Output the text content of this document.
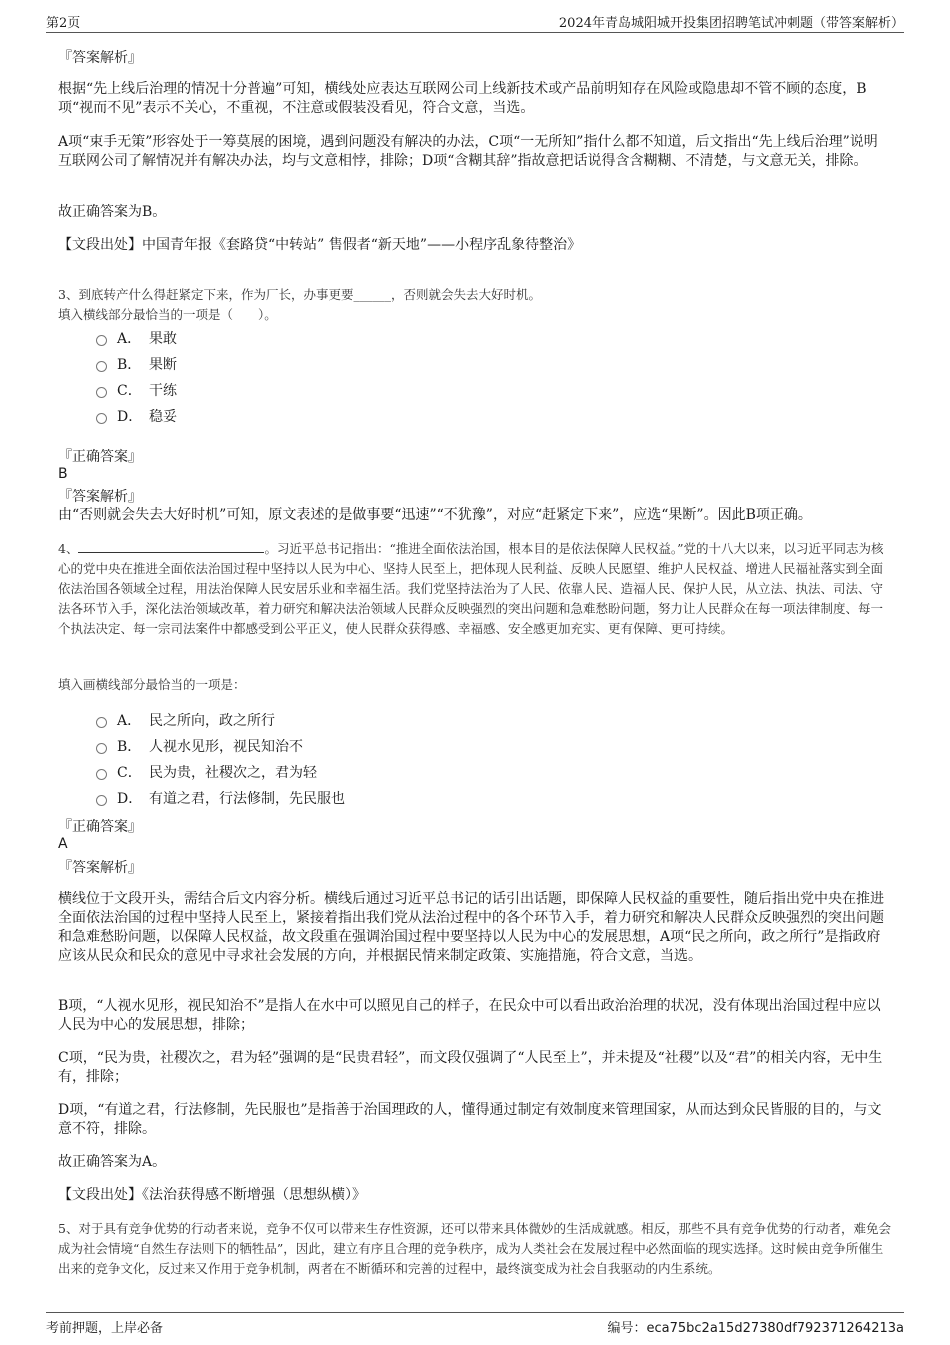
第2页	2024年青岛城阳城开投集团招聘笔试冲刺题（带答案解析）

『答案解析』

根据“先上线后治理的情况十分普遍”可知，横线处应表达互联网公司上线新技术或产品前明知存在风险或隐患却不管不顾的态度，B项“视而不见”表示不关心，不重视，不注意或假装没看见，符合文意，当选。

A项“束手无策”形容处于一筹莫展的困境，遇到问题没有解决的办法，C项“一无所知”指什么都不知道，后文指出“先上线后治理”说明互联网公司了解情况并有解决办法，均与文意相悖，排除；D项“含糊其辞”指故意把话说得含含糊糊、不清楚，与文意无关，排除。

故正确答案为B。

【文段出处】中国青年报《套路贷“中转站” 售假者“新天地”——小程序乱象待整治》

3、到底转产什么得赶紧定下来，作为厂长，办事更要______，否则就会失去大好时机。

填入横线部分最恰当的一项是（　　）。

A． 果敢
B． 果断
C． 干练
D． 稳妥

『正确答案』

B

『答案解析』

由“否则就会失去大好时机”可知，原文表述的是做事要“迅速”“不犹豫”，对应“赶紧定下来”，应选“果断”。因此B项正确。

4、	。习近平总书记指出：“推进全面依法治国，根本目的是依法保障人民权益。”党的十八大以来，以习近平同志为核心的党中央在推进全面依法治国过程中坚持以人民为中心、坚持人民至上，把体现人民利益、反映人民愿望、维护人民权益、增进人民福祉落实到全面依法治国各领域全过程，用法治保障人民安居乐业和幸福生活。我们党坚持法治为了人民、依靠人民、造福人民、保护人民，从立法、执法、司法、守法各环节入手，深化法治领域改革，着力研究和解决法治领域人民群众反映强烈的突出问题和急难愁盼问题，努力让人民群众在每一项法律制度、每一个执法决定、每一宗司法案件中都感受到公平正义，使人民群众获得感、幸福感、安全感更加充实、更有保障、更可持续。

填入画横线部分最恰当的一项是：

A． 民之所向，政之所行
B． 人视水见形，视民知治不
C． 民为贵，社稷次之，君为轻
D． 有道之君，行法修制，先民服也

『正确答案』

A

『答案解析』

横线位于文段开头，需结合后文内容分析。横线后通过习近平总书记的话引出话题，即保障人民权益的重要性，随后指出党中央在推进全面依法治国的过程中坚持人民至上，紧接着指出我们党从法治过程中的各个环节入手，着力研究和解决人民群众反映强烈的突出问题和急难愁盼问题，以保障人民权益，故文段重在强调治国过程中要坚持以人民为中心的发展思想，A项“民之所向，政之所行”是指政府应该从民众和民众的意见中寻求社会发展的方向，并根据民情来制定政策、实施措施，符合文意，当选。

B项，“人视水见形，视民知治不”是指人在水中可以照见自己的样子，在民众中可以看出政治治理的状况，没有体现出治国过程中应以人民为中心的发展思想，排除；

C项，“民为贵，社稷次之，君为轻”强调的是“民贵君轻”，而文段仅强调了“人民至上”，并未提及“社稷”以及“君”的相关内容，无中生有，排除；

D项，“有道之君，行法修制，先民服也”是指善于治国理政的人，懂得通过制定有效制度来管理国家，从而达到众民皆服的目的，与文意不符，排除。

故正确答案为A。

【文段出处】《法治获得感不断增强（思想纵横）》

5、对于具有竞争优势的行动者来说，竞争不仅可以带来生存性资源，还可以带来具体微妙的生活成就感。相反，那些不具有竞争优势的行动者，难免会成为社会情境“自然生存法则下的牺牲品”，因此，建立有序且合理的竞争秩序，成为人类社会在发展过程中必然面临的现实选择。这时候由竞争所催生出来的竞争文化，反过来又作用于竞争机制，两者在不断循环和完善的过程中，最终演变成为社会自我驱动的内生系统。

考前押题，上岸必备	编号：eca75bc2a15d27380df792371264213a
